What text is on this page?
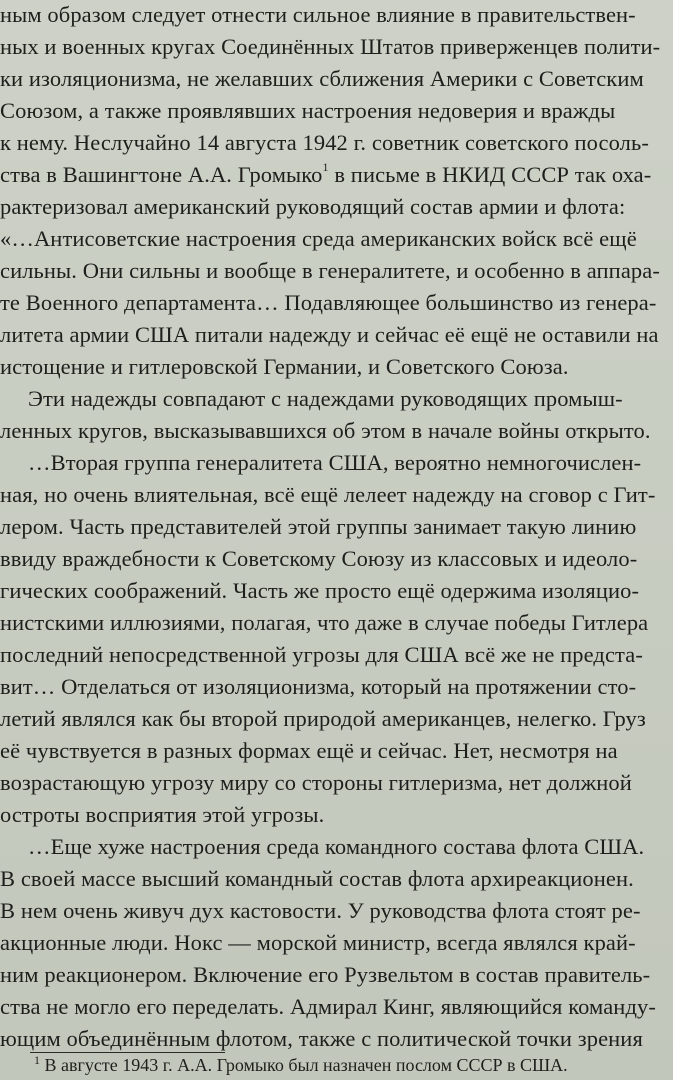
ным образом следует отнести сильное влияние в правительствен-
ных и военных кругах Соединённых Штатов приверженцев полити-
ки изоляционизма, не желавших сближения Америки с Советским
Союзом, а также проявлявших настроения недоверия и вражды
к нему. Неслучайно 14 августа 1942 г. советник советского посоль-
ства в Вашингтоне А.А. Громыко$^1$ в письме в НКИД СССР так оха-
рактеризовал американский руководящий состав армии и флота:
«…Антисоветские настроения среда американских войск всё ещё
сильны. Они сильны и вообще в генералитете, и особенно в аппара-
те Военного департамента… Подавляющее большинство из генера-
литета армии США питали надежду и сейчас её ещё не оставили на
истощение и гитлеровской Германии, и Советского Союза.
Эти надежды совпадают с надеждами руководящих промыш-
ленных кругов, высказывавшихся об этом в начале войны открыто.
…Вторая группа генералитета США, вероятно немногочислен-
ная, но очень влиятельная, всё ещё лелеет надежду на сговор с Гит-
лером. Часть представителей этой группы занимает такую линию
ввиду враждебности к Советскому Союзу из классовых и идеоло-
гических соображений. Часть же просто ещё одержима изоляцио-
нистскими иллюзиями, полагая, что даже в случае победы Гитлера
последний непосредственной угрозы для США всё же не предста-
вит… Отделаться от изоляционизма, который на протяжении сто-
летий являлся как бы второй природой американцев, нелегко. Груз
её чувствуется в разных формах ещё и сейчас. Нет, несмотря на
возрастающую угрозу миру со стороны гитлеризма, нет должной
остроты восприятия этой угрозы.
…Еще хуже настроения среда командного состава флота США.
В своей массе высший командный состав флота архиреакционен.
В нем очень живуч дух кастовости. У руководства флота стоят ре-
акционные люди. Нокс — морской министр, всегда являлся край-
ним реакционером. Включение его Рузвельтом в состав правитель-
ства не могло его переделать. Адмирал Кинг, являющийся команду-
ющим объединённым флотом, также с политической точки зрения
$^1$ В августе 1943 г. А.А. Громыко был назначен послом СССР в США.
